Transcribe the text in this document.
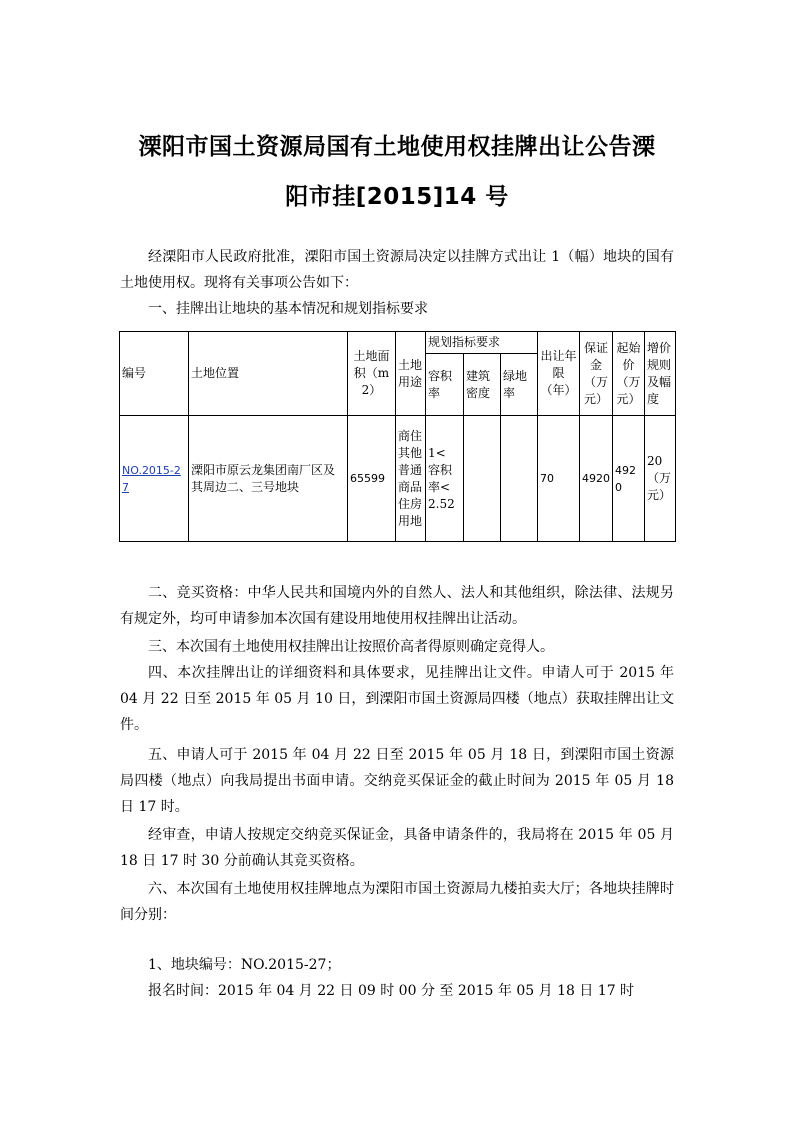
溧阳市国土资源局国有土地使用权挂牌出让公告溧
阳市挂[2015]14 号
经溧阳市人民政府批准，溧阳市国土资源局决定以挂牌方式出让 1（幅）地块的国有土地使用权。现将有关事项公告如下：
一、挂牌出让地块的基本情况和规划指标要求
编号	土地位置	土地面积（m2）	土地用途	规划指标要求			出让年限（年）	保证金（万元）	起始价（万元）	增价规则及幅度
				容积率	建筑密度	绿地率				
NO.2015-27	溧阳市原云龙集团南厂区及其周边二、三号地块	65599	商住其他普通商品住房用地	1< 容积率<2.52			70	4920	4920	20（万元）
二、竞买资格：中华人民共和国境内外的自然人、法人和其他组织，除法律、法规另有规定外，均可申请参加本次国有建设用地使用权挂牌出让活动。
三、本次国有土地使用权挂牌出让按照价高者得原则确定竞得人。
四、本次挂牌出让的详细资料和具体要求，见挂牌出让文件。申请人可于 2015 年 04 月 22 日至 2015 年 05 月 10 日，到溧阳市国土资源局四楼（地点）获取挂牌出让文件。
五、申请人可于 2015 年 04 月 22 日至 2015 年 05 月 18 日，到溧阳市国土资源局四楼（地点）向我局提出书面申请。交纳竞买保证金的截止时间为 2015 年 05 月 18 日 17 时。
经审查，申请人按规定交纳竞买保证金，具备申请条件的，我局将在 2015 年 05 月 18 日 17 时 30 分前确认其竞买资格。
六、本次国有土地使用权挂牌地点为溧阳市国土资源局九楼拍卖大厅；各地块挂牌时间分别：
1、地块编号：NO.2015-27；
报名时间：2015 年 04 月 22 日 09 时 00 分 至 2015 年 05 月 18 日 17 时
